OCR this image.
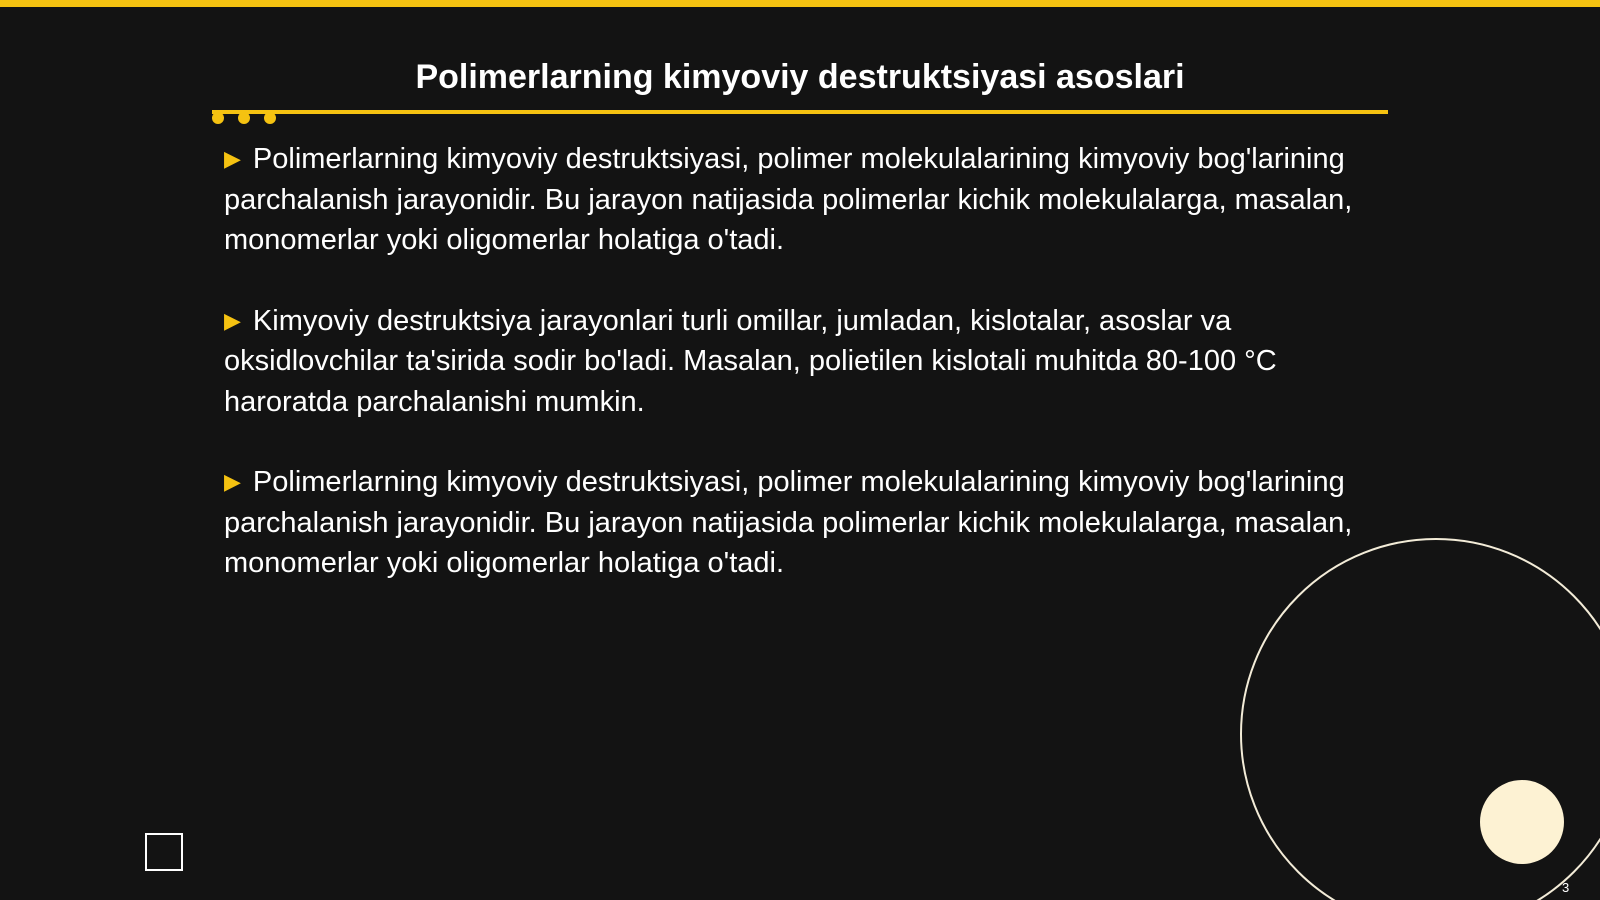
Polimerlarning kimyoviy destruktsiyasi asoslari
▶ Polimerlarning kimyoviy destruktsiyasi, polimer molekulalarining kimyoviy bog'larining parchalanish jarayonidir. Bu jarayon natijasida polimerlar kichik molekulalarga, masalan, monomerlar yoki oligomerlar holatiga o'tadi.
▶ Kimyoviy destruktsiya jarayonlari turli omillar, jumladan, kislotalar, asoslar va oksidlovchilar ta'sirida sodir bo'ladi. Masalan, polietilen kislotali muhitda 80-100 °C haroratda parchalanishi mumkin.
▶ Polimerlarning kimyoviy destruktsiyasi, polimer molekulalarining kimyoviy bog'larining parchalanish jarayonidir. Bu jarayon natijasida polimerlar kichik molekulalarga, masalan, monomerlar yoki oligomerlar holatiga o'tadi.
3
